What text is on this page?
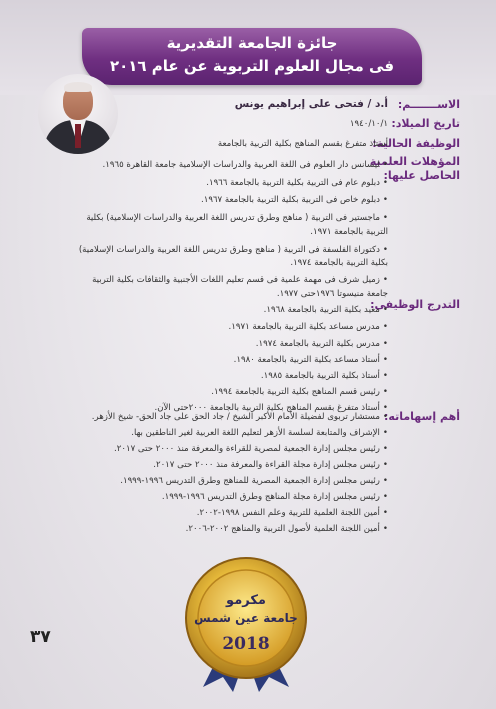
جائزة الجامعة التقديرية
فى مجال العلوم التربوية عن عام ٢٠١٦
الاســـــــم:
تاريخ الميلاد:
الوظيفة الحالية:
المؤهلات العلمية
الحاصل عليها:
التدرج الوظيفى:
أهم إسهاماته:
أ.د / فتحى على إبراهيم يونس
١٩٤٠/١٠/١
أستاذ متفرغ بقسم المناهج بكلية التربية بالجامعة
• ليسانس دار العلوم فى اللغة العربية والدراسات الإسلامية جامعة القاهرة ١٩٦٥.
• دبلوم عام فى التربية بكلية التربية بالجامعة ١٩٦٦.
• دبلوم خاص فى التربية بكلية التربية بالجامعة ١٩٦٧.
• ماجستير فى التربية ( مناهج وطرق تدريس اللغة العربية والدراسات الإسلامية) بكلية
التربية بالجامعة ١٩٧١.
• دكتوراة الفلسفة فى التربية ( مناهج وطرق تدريس اللغة العربية والدراسات الإسلامية)
بكلية التربية بالجامعة ١٩٧٤.
• زميل شرف فى مهمة علمية فى قسم تعليم اللغات الأجنبية والثقافات بكلية التربية
جامعة منيسوتا ١٩٧٦حتى ١٩٧٧.
• معيد بكلية التربية بالجامعة ١٩٦٨.
• مدرس مساعد بكلية التربية بالجامعة ١٩٧١.
• مدرس بكلية التربية بالجامعة ١٩٧٤.
• أستاذ مساعد بكلية التربية بالجامعة ١٩٨٠.
• أستاذ بكلية التربية بالجامعة ١٩٨٥.
• رئيس قسم المناهج بكلية التربية بالجامعة ١٩٩٤.
• أستاذ متفرغ بقسم المناهج بكلية التربية بالجامعة ٢٠٠٠حتى الآن.
• مستشار تربوى لفضيلة الأمام الأكبر الشيخ / جاد الحق على جاد الحق- شيخ الأزهر.
• الإشراف والمتابعة لسلسة الأزهر لتعليم اللغة العربية لغير الناطقين بها.
• رئيس مجلس إدارة الجمعية لمصرية للقراءة والمعرفة منذ ٢٠٠٠ حتى ٢٠١٧.
• رئيس مجلس إدارة مجلة القراءة والمعرفة منذ ٢٠٠٠ حتى ٢٠١٧.
• رئيس مجلس إدارة الجمعية المصرية للمناهج وطرق التدريس ١٩٩٦-١٩٩٩.
• رئيس مجلس إدارة مجلة المناهج وطرق التدريس ١٩٩٦-١٩٩٩.
• أمين اللجنة العلمية للتربية وعلم النفس ١٩٩٨-٢٠٠٢.
• أمين اللجنة العلمية لأصول التربية والمناهج ٢٠٠٢-٢٠٠٦.
مكرمو
جامعة عين شمس
2018
٣٧
